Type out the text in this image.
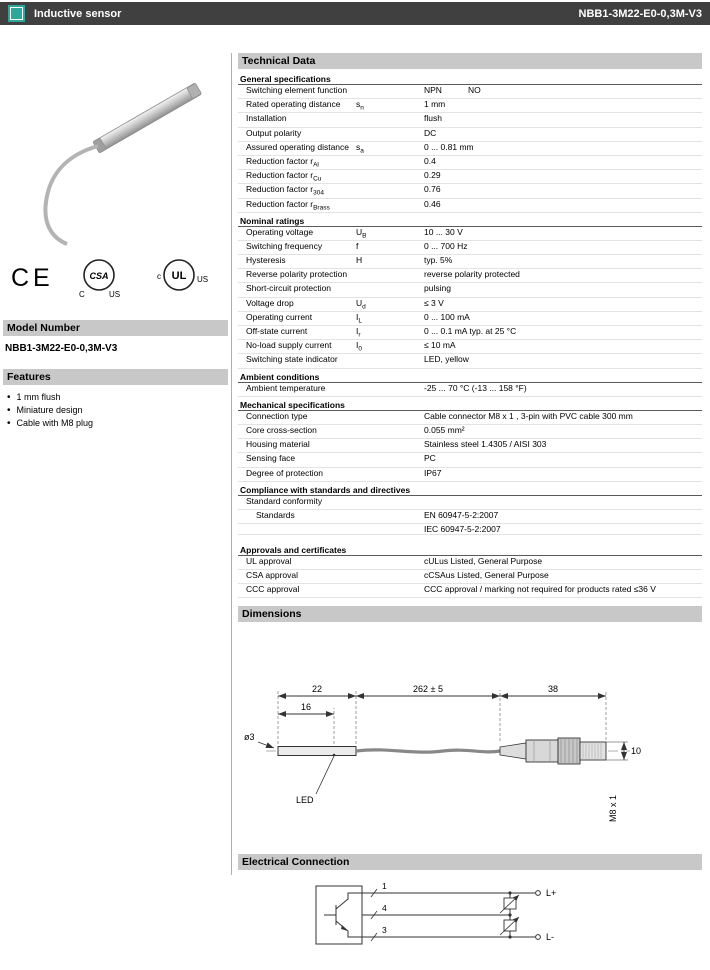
Inductive sensor	NBB1-3M22-E0-0,3M-V3
CE	CSA
C	US
UL
c	US
Model Number
NBB1-3M22-E0-0,3M-V3
Features
• 1 mm flush
• Miniature design
• Cable with M8 plug
Technical Data
General specifications
Switching element function	NPN	NO
Rated operating distance	$s_n$	1 mm
Installation	flush
Output polarity	DC
Assured operating distance $s_a$	0 ... 0.81 mm
Reduction factor $r_{Al}$	0.4
Reduction factor $r_{Cu}$	0.29
Reduction factor $r_{304}$	0.76
Reduction factor $r_{Brass}$	0.46
Nominal ratings
Operating voltage	$U_B$	10 ... 30 V
Switching frequency	f	0 ... 700 Hz
Hysteresis	H	typ. 5%
Reverse polarity protection	reverse polarity protected
Short-circuit protection	pulsing
Voltage drop	$U_d$	≤ 3 V
Operating current	$I_L$	0 ... 100 mA
Off-state current	$I_r$	0 ... 0.1 mA typ. at 25 °C
No-load supply current	$I_0$	≤ 10 mA
Switching state indicator	LED, yellow
Ambient conditions
Ambient temperature	-25 ... 70 °C (-13 ... 158 °F)
Mechanical specifications
Connection type	Cable connector M8 x 1 , 3-pin with PVC cable 300 mm
Core cross-section	0.055 mm²
Housing material	Stainless steel 1.4305 / AISI 303
Sensing face	PC
Degree of protection	IP67
Compliance with standards and directives
Standard conformity
Standards	EN 60947-5-2:2007
IEC 60947-5-2:2007
Approvals and certificates
UL approval	cULus Listed, General Purpose
CSA approval	cCSAus Listed, General Purpose
CCC approval	CCC approval / marking not required for products rated ≤36 V
Dimensions
LED
22	262 ± 5	38
16
ø3
10
M8 x 1
Electrical Connection
1
4
3
L+
L-
